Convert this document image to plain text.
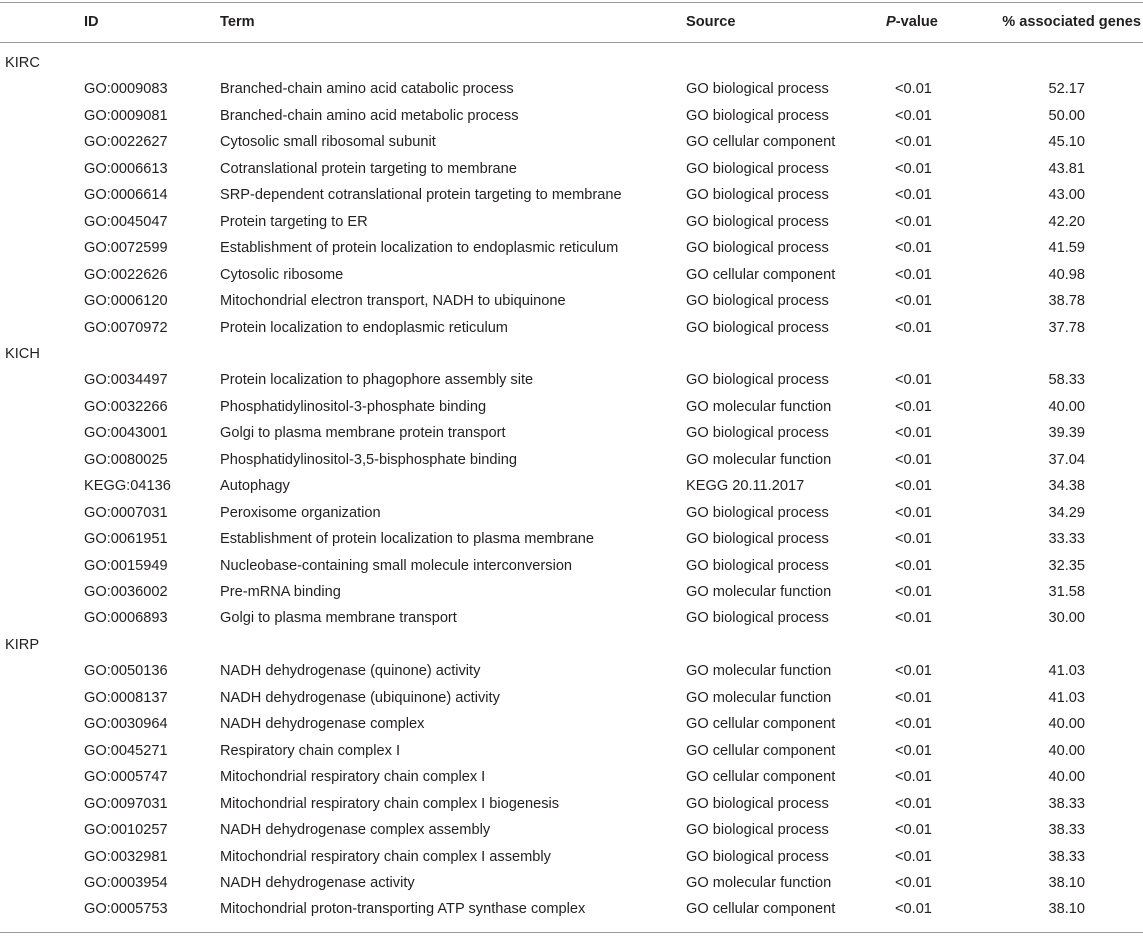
ID	Term	Source	P-value	% associated genes
KIRC
GO:0009083	Branched-chain amino acid catabolic process	GO biological process	<0.01	52.17
GO:0009081	Branched-chain amino acid metabolic process	GO biological process	<0.01	50.00
GO:0022627	Cytosolic small ribosomal subunit	GO cellular component	<0.01	45.10
GO:0006613	Cotranslational protein targeting to membrane	GO biological process	<0.01	43.81
GO:0006614	SRP-dependent cotranslational protein targeting to membrane	GO biological process	<0.01	43.00
GO:0045047	Protein targeting to ER	GO biological process	<0.01	42.20
GO:0072599	Establishment of protein localization to endoplasmic reticulum	GO biological process	<0.01	41.59
GO:0022626	Cytosolic ribosome	GO cellular component	<0.01	40.98
GO:0006120	Mitochondrial electron transport, NADH to ubiquinone	GO biological process	<0.01	38.78
GO:0070972	Protein localization to endoplasmic reticulum	GO biological process	<0.01	37.78
KICH
GO:0034497	Protein localization to phagophore assembly site	GO biological process	<0.01	58.33
GO:0032266	Phosphatidylinositol-3-phosphate binding	GO molecular function	<0.01	40.00
GO:0043001	Golgi to plasma membrane protein transport	GO biological process	<0.01	39.39
GO:0080025	Phosphatidylinositol-3,5-bisphosphate binding	GO molecular function	<0.01	37.04
KEGG:04136	Autophagy	KEGG 20.11.2017	<0.01	34.38
GO:0007031	Peroxisome organization	GO biological process	<0.01	34.29
GO:0061951	Establishment of protein localization to plasma membrane	GO biological process	<0.01	33.33
GO:0015949	Nucleobase-containing small molecule interconversion	GO biological process	<0.01	32.35
GO:0036002	Pre-mRNA binding	GO molecular function	<0.01	31.58
GO:0006893	Golgi to plasma membrane transport	GO biological process	<0.01	30.00
KIRP
GO:0050136	NADH dehydrogenase (quinone) activity	GO molecular function	<0.01	41.03
GO:0008137	NADH dehydrogenase (ubiquinone) activity	GO molecular function	<0.01	41.03
GO:0030964	NADH dehydrogenase complex	GO cellular component	<0.01	40.00
GO:0045271	Respiratory chain complex I	GO cellular component	<0.01	40.00
GO:0005747	Mitochondrial respiratory chain complex I	GO cellular component	<0.01	40.00
GO:0097031	Mitochondrial respiratory chain complex I biogenesis	GO biological process	<0.01	38.33
GO:0010257	NADH dehydrogenase complex assembly	GO biological process	<0.01	38.33
GO:0032981	Mitochondrial respiratory chain complex I assembly	GO biological process	<0.01	38.33
GO:0003954	NADH dehydrogenase activity	GO molecular function	<0.01	38.10
GO:0005753	Mitochondrial proton-transporting ATP synthase complex	GO cellular component	<0.01	38.10
